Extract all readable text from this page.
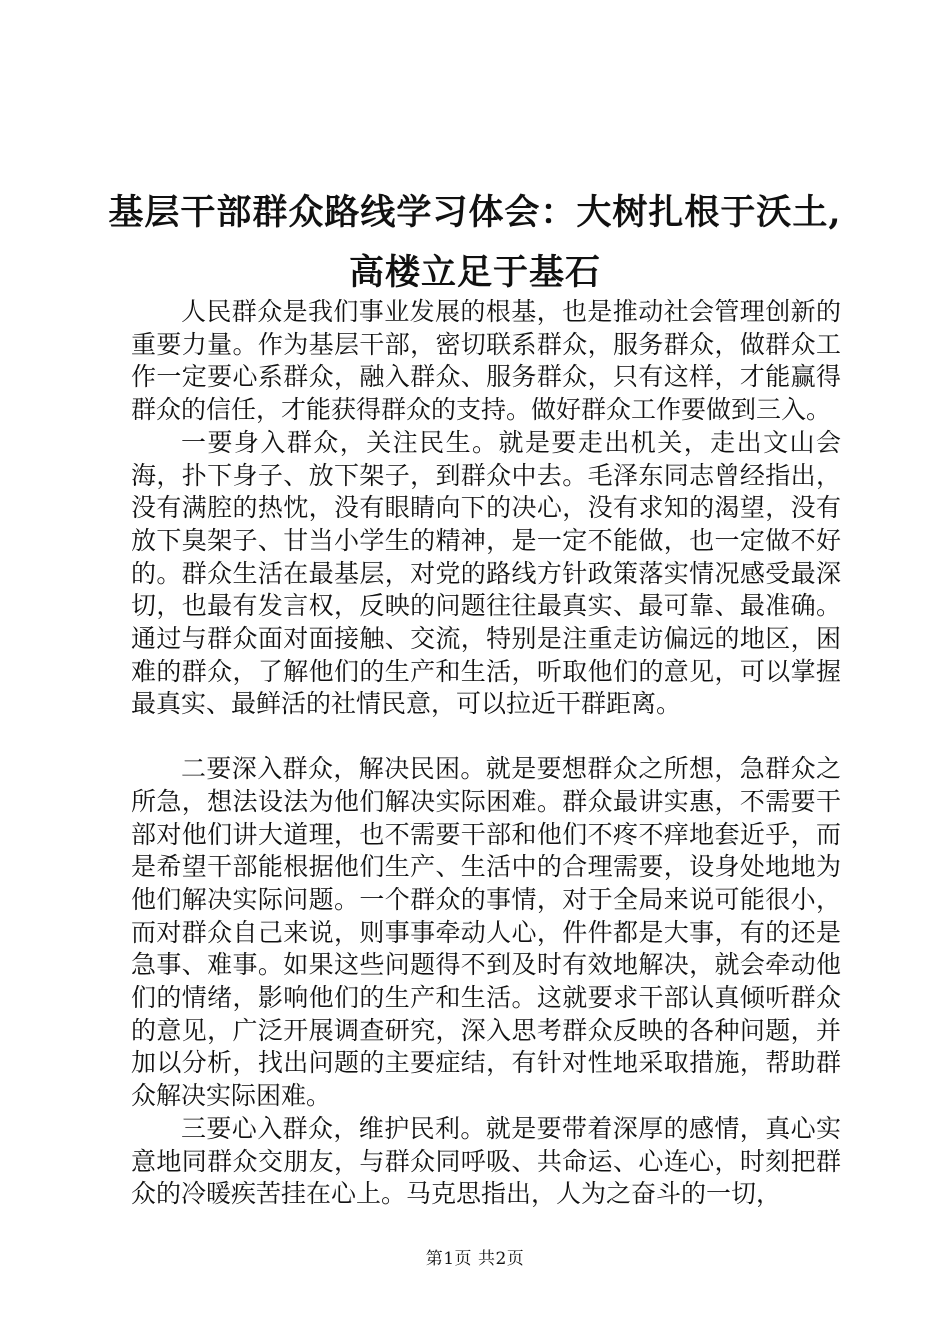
基层干部群众路线学习体会：大树扎根于沃土,
高楼立足于基石

人民群众是我们事业发展的根基，也是推动社会管理创新的重要力量。作为基层干部，密切联系群众，服务群众，做群众工作一定要心系群众，融入群众、服务群众，只有这样，才能赢得群众的信任，才能获得群众的支持。做好群众工作要做到三入。

一要身入群众，关注民生。就是要走出机关，走出文山会海，扑下身子、放下架子，到群众中去。毛泽东同志曾经指出，没有满腔的热忱，没有眼睛向下的决心，没有求知的渴望，没有放下臭架子、甘当小学生的精神，是一定不能做，也一定做不好的。群众生活在最基层，对党的路线方针政策落实情况感受最深切，也最有发言权，反映的问题往往最真实、最可靠、最准确。通过与群众面对面接触、交流，特别是注重走访偏远的地区，困难的群众，了解他们的生产和生活，听取他们的意见，可以掌握最真实、最鲜活的社情民意，可以拉近干群距离。

二要深入群众，解决民困。就是要想群众之所想，急群众之所急，想法设法为他们解决实际困难。群众最讲实惠，不需要干部对他们讲大道理，也不需要干部和他们不疼不痒地套近乎，而是希望干部能根据他们生产、生活中的合理需要，设身处地地为他们解决实际问题。一个群众的事情，对于全局来说可能很小，而对群众自己来说，则事事牵动人心，件件都是大事，有的还是急事、难事。如果这些问题得不到及时有效地解决，就会牵动他们的情绪，影响他们的生产和生活。这就要求干部认真倾听群众的意见，广泛开展调查研究，深入思考群众反映的各种问题，并加以分析，找出问题的主要症结，有针对性地采取措施，帮助群众解决实际困难。

三要心入群众，维护民利。就是要带着深厚的感情，真心实意地同群众交朋友，与群众同呼吸、共命运、心连心，时刻把群众的冷暖疾苦挂在心上。马克思指出，人为之奋斗的一切，

第1页 共2页
